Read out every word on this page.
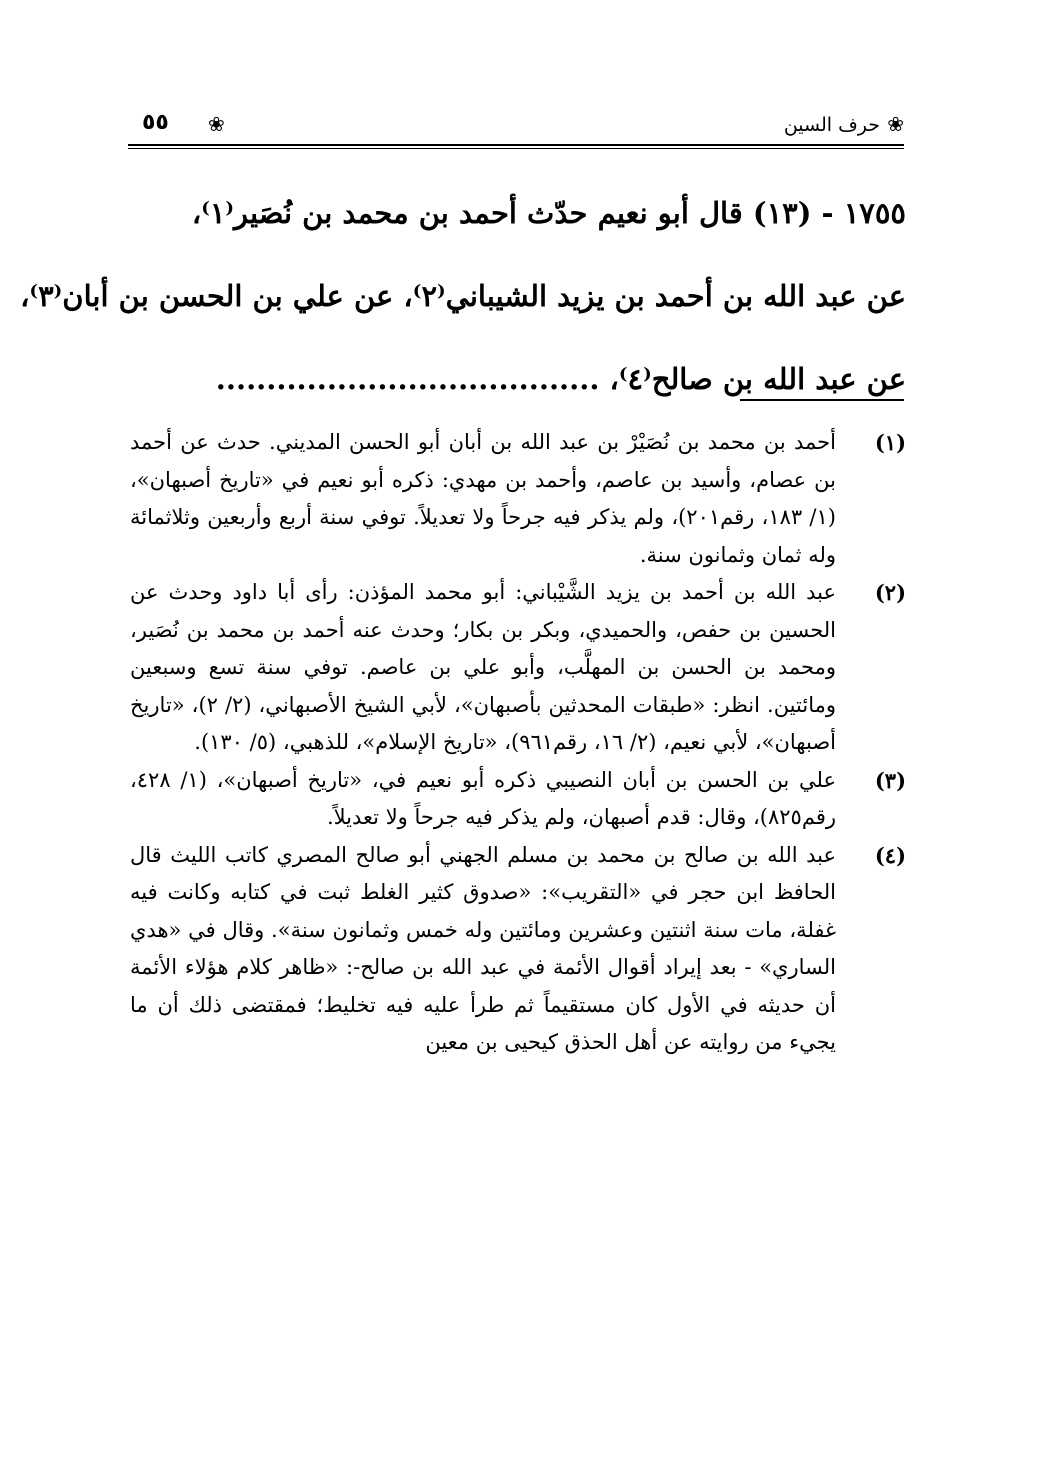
❀
حرف السين
٥٥ ❀
١٧٥٥ - (١٣) قال أبو نعيم حدّث أحمد بن محمد بن نُصَير⁽١⁾،
عن عبد الله بن أحمد بن يزيد الشيباني⁽٢⁾، عن علي بن الحسن بن أبان⁽٣⁾،
عن عبد الله بن صالح⁽٤⁾، ......................................
(١)
أحمد بن محمد بن نُصَيْرْ بن عبد الله بن أبان أبو الحسن المديني. حدث عن أحمد بن عصام، وأسيد بن عاصم، وأحمد بن مهدي: ذكره أبو نعيم في «تاريخ أصبهان»، (١/ ١٨٣، رقم٢٠١)، ولم يذكر فيه جرحاً ولا تعديلاً. توفي سنة أربع وأربعين وثلاثمائة وله ثمان وثمانون سنة.
(٢)
عبد الله بن أحمد بن يزيد الشَّيْباني: أبو محمد المؤذن: رأى أبا داود وحدث عن الحسين بن حفص، والحميدي، وبكر بن بكار؛ وحدث عنه أحمد بن محمد بن نُصَير، ومحمد بن الحسن بن المهلَّب، وأبو علي بن عاصم. توفي سنة تسع وسبعين ومائتين. انظر: «طبقات المحدثين بأصبهان»، لأبي الشيخ الأصبهاني، (٢/ ٢)، «تاريخ أصبهان»، لأبي نعيم، (٢/ ١٦، رقم٩٦١)، «تاريخ الإسلام»، للذهبي، (٥/ ١٣٠).
(٣)
علي بن الحسن بن أبان النصيبي ذكره أبو نعيم في، «تاريخ أصبهان»، (١/ ٤٢٨، رقم٨٢٥)، وقال: قدم أصبهان، ولم يذكر فيه جرحاً ولا تعديلاً.
(٤)
عبد الله بن صالح بن محمد بن مسلم الجهني أبو صالح المصري كاتب الليث قال الحافظ ابن حجر في «التقريب»: «صدوق كثير الغلط ثبت في كتابه وكانت فيه غفلة، مات سنة اثنتين وعشرين ومائتين وله خمس وثمانون سنة». وقال في «هدي الساري» - بعد إيراد أقوال الأئمة في عبد الله بن صالح-: «ظاهر كلام هؤلاء الأئمة أن حديثه في الأول كان مستقيماً ثم طرأ عليه فيه تخليط؛ فمقتضى ذلك أن ما يجيء من روايته عن أهل الحذق كيحيى بن معين
